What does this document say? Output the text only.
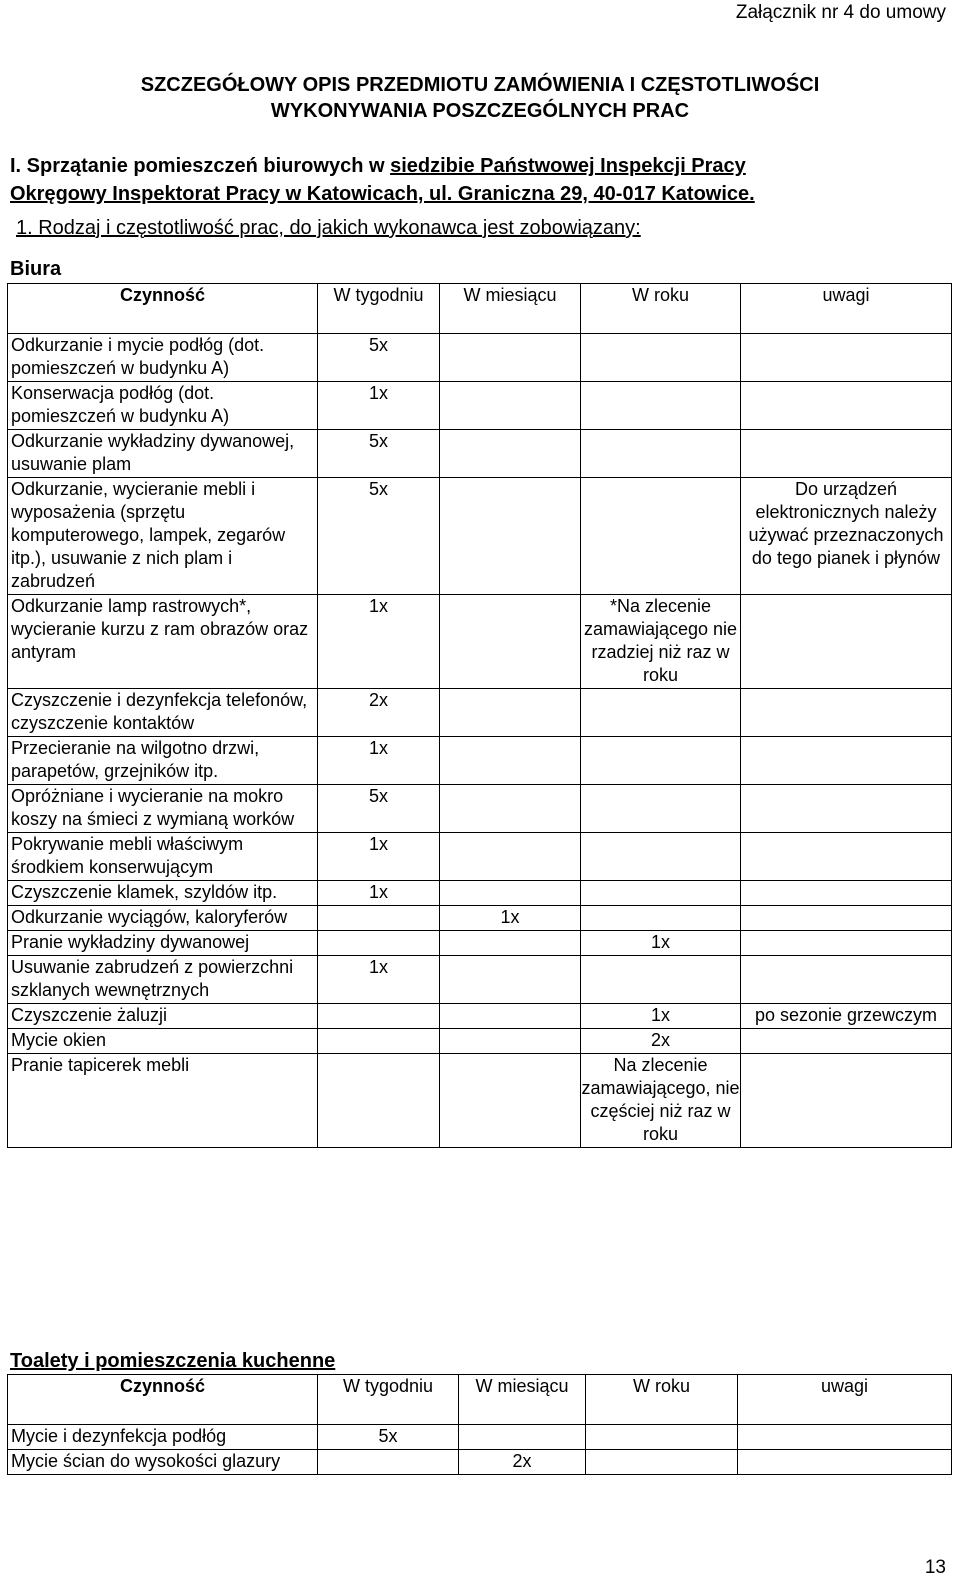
Załącznik nr 4 do umowy
SZCZEGÓŁOWY OPIS PRZEDMIOTU ZAMÓWIENIA I CZĘSTOTLIWOŚCI
WYKONYWANIA POSZCZEGÓLNYCH PRAC
I. Sprzątanie pomieszczeń biurowych w siedzibie Państwowej Inspekcji Pracy
Okręgowy Inspektorat Pracy w Katowicach, ul. Graniczna 29, 40-017 Katowice.
1. Rodzaj i częstotliwość prac, do jakich wykonawca jest zobowiązany:
Biura
Czynność	W tygodniu	W miesiącu	W roku	uwagi
Odkurzanie i mycie podłóg (dot. pomieszczeń w budynku A)	5x			
Konserwacja podłóg (dot. pomieszczeń w budynku A)	1x			
Odkurzanie wykładziny dywanowej, usuwanie plam	5x			
Odkurzanie, wycieranie mebli i wyposażenia (sprzętu komputerowego, lampek, zegarów itp.), usuwanie z nich plam i zabrudzeń	5x			Do urządzeń elektronicznych należy używać przeznaczonych do tego pianek i płynów
Odkurzanie lamp rastrowych*, wycieranie kurzu z ram obrazów oraz antyram	1x		*Na zlecenie zamawiającego nie rzadziej niż raz w roku	
Czyszczenie i dezynfekcja telefonów, czyszczenie kontaktów	2x			
Przecieranie na wilgotno drzwi, parapetów, grzejników itp.	1x			
Opróżniane i wycieranie na mokro koszy na śmieci z wymianą worków	5x			
Pokrywanie mebli właściwym środkiem konserwującym	1x			
Czyszczenie klamek, szyldów itp.	1x			
Odkurzanie wyciągów, kaloryferów		1x		
Pranie wykładziny dywanowej			1x	
Usuwanie zabrudzeń z powierzchni szklanych wewnętrznych	1x			
Czyszczenie żaluzji			1x	po sezonie grzewczym
Mycie okien			2x	
Pranie tapicerek mebli			Na zlecenie zamawiającego, nie częściej niż raz w roku	
Toalety i pomieszczenia kuchenne
Czynność	W tygodniu	W miesiącu	W roku	uwagi
Mycie i dezynfekcja podłóg	5x			
Mycie ścian do wysokości glazury		2x		
13
